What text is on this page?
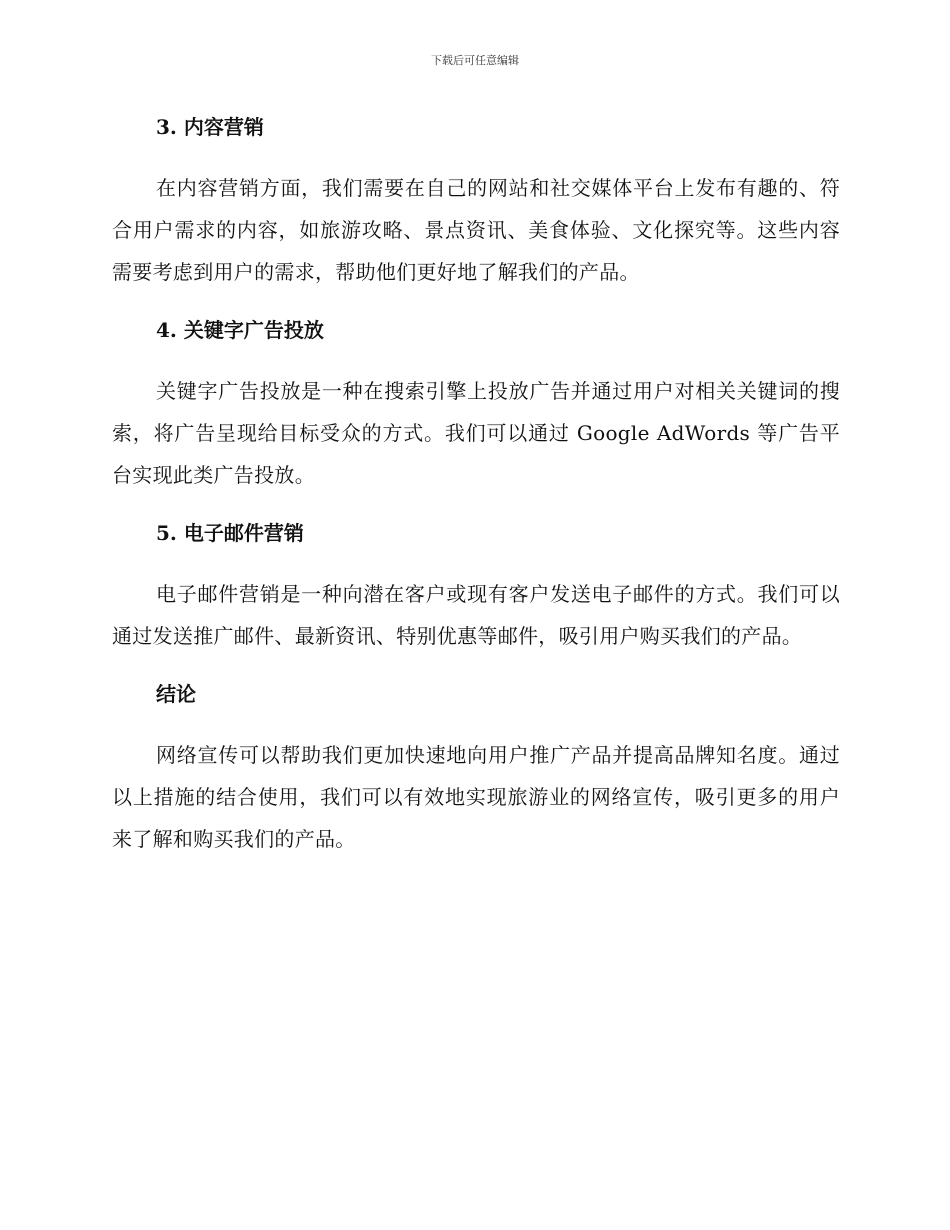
下载后可任意编辑
3. 内容营销

在内容营销方面，我们需要在自己的网站和社交媒体平台上发布有趣的、符合用户需求的内容，如旅游攻略、景点资讯、美食体验、文化探究等。这些内容需要考虑到用户的需求，帮助他们更好地了解我们的产品。

4. 关键字广告投放

关键字广告投放是一种在搜索引擎上投放广告并通过用户对相关关键词的搜索，将广告呈现给目标受众的方式。我们可以通过 Google AdWords 等广告平台实现此类广告投放。

5. 电子邮件营销

电子邮件营销是一种向潜在客户或现有客户发送电子邮件的方式。我们可以通过发送推广邮件、最新资讯、特别优惠等邮件，吸引用户购买我们的产品。

结论

网络宣传可以帮助我们更加快速地向用户推广产品并提高品牌知名度。通过以上措施的结合使用，我们可以有效地实现旅游业的网络宣传，吸引更多的用户来了解和购买我们的产品。
